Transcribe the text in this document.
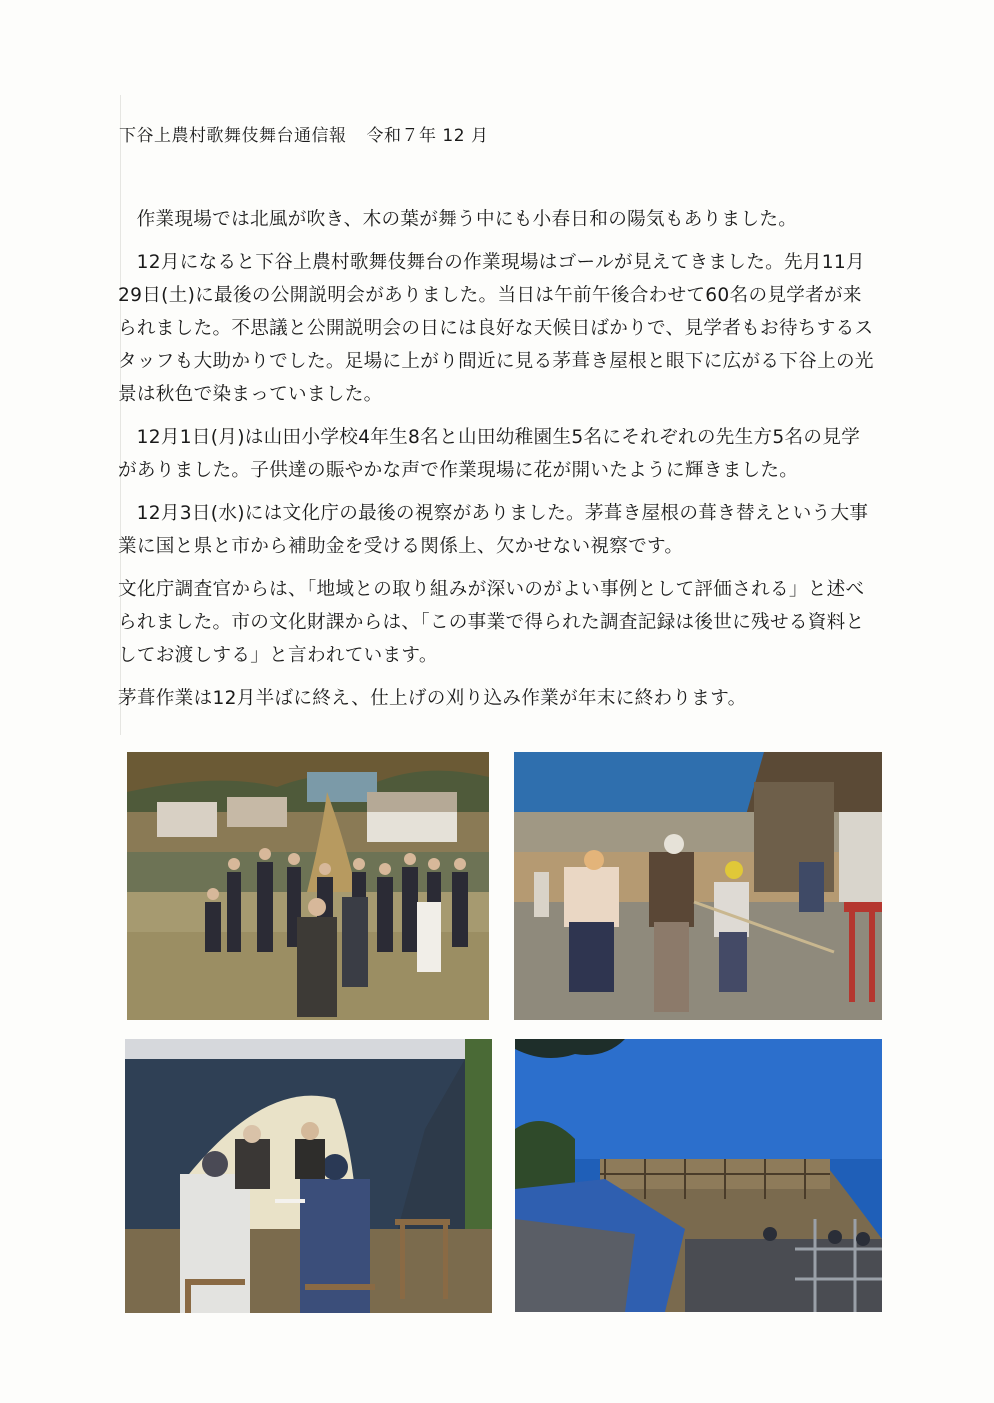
下谷上農村歌舞伎舞台通信報 令和７年 12 月

作業現場では北風が吹き、木の葉が舞う中にも小春日和の陽気もありました。

12月になると下谷上農村歌舞伎舞台の作業現場はゴールが見えてきました。先月11月29日(土)に最後の公開説明会がありました。当日は午前午後合わせて60名の見学者が来られました。不思議と公開説明会の日には良好な天候日ばかりで、見学者もお待ちするスタッフも大助かりでした。足場に上がり間近に見る茅葺き屋根と眼下に広がる下谷上の光景は秋色で染まっていました。

12月1日(月)は山田小学校4年生8名と山田幼稚園生5名にそれぞれの先生方5名の見学がありました。子供達の賑やかな声で作業現場に花が開いたように輝きました。

12月3日(水)には文化庁の最後の視察がありました。茅葺き屋根の葺き替えという大事業に国と県と市から補助金を受ける関係上、欠かせない視察です。

文化庁調査官からは、「地域との取り組みが深いのがよい事例として評価される」と述べられました。市の文化財課からは、「この事業で得られた調査記録は後世に残せる資料としてお渡しする」と言われています。

茅葺作業は12月半ばに終え、仕上げの刈り込み作業が年末に終わります。
